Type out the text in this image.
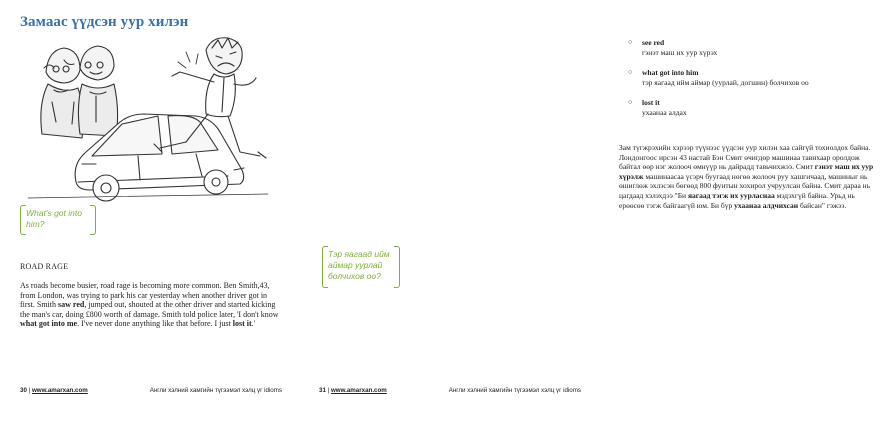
Замаас үүдсэн уур хилэн
What's got into him?
ROAD RAGE
As roads become busier, road rage is becoming more common. Ben Smith,43, from London, was trying to park his car yesterday when another driver got in first. Smith saw red, jumped out, shouted at the other driver and started kicking the man's car, doing £800 worth of damage. Smith told police later, 'I don't know what got into me. I've never done anything like that before. I just lost it.'
30 | www.amarxan.com	Англи хэлний хамгийн түгээмэл хэлц үг idioms
○ see red
гэнэт маш их уур хүрэх
○ what got into him
тэр яагаад ийм аймар (уурлай, догшин) болчихов оо
○ lost it
ухаанаа алдах
Зам түгжрэхийн хэрээр түүнээс үүдсэн уур хилэн хаа сайгүй тохиолдох байна. Лондонгоос ирсэн 43 настай Бэн Смит өчигдөр машинаа тавихаар оролдож байтал өөр нэг жолооч өмнүүр нь дайрадд тавьчихжээ. Смит гэнэт маш их уур хүрэлж машинаасаа үсэрч буугаад нөгөө жолооч руу хашгичаад, машиныг нь өшиглөж эхлэсэн бөгөөд 800 фунтын хохирол учруулсан байна. Смит дараа нь цагдаад хэлэхдээ "Би яагаад тэгж их уурласнаа мэдэхгүй байна. Урьд нь ерөөсөө тэгж байгаагүй юм. Би бүр ухаанаа алдчихсан байсан" гэжээ.
Тэр яагаад ийм аймар уурлай болчихов оо?
31 | www.amarxan.com	Англи хэлний хамгийн түгээмэл хэлц үг idioms
